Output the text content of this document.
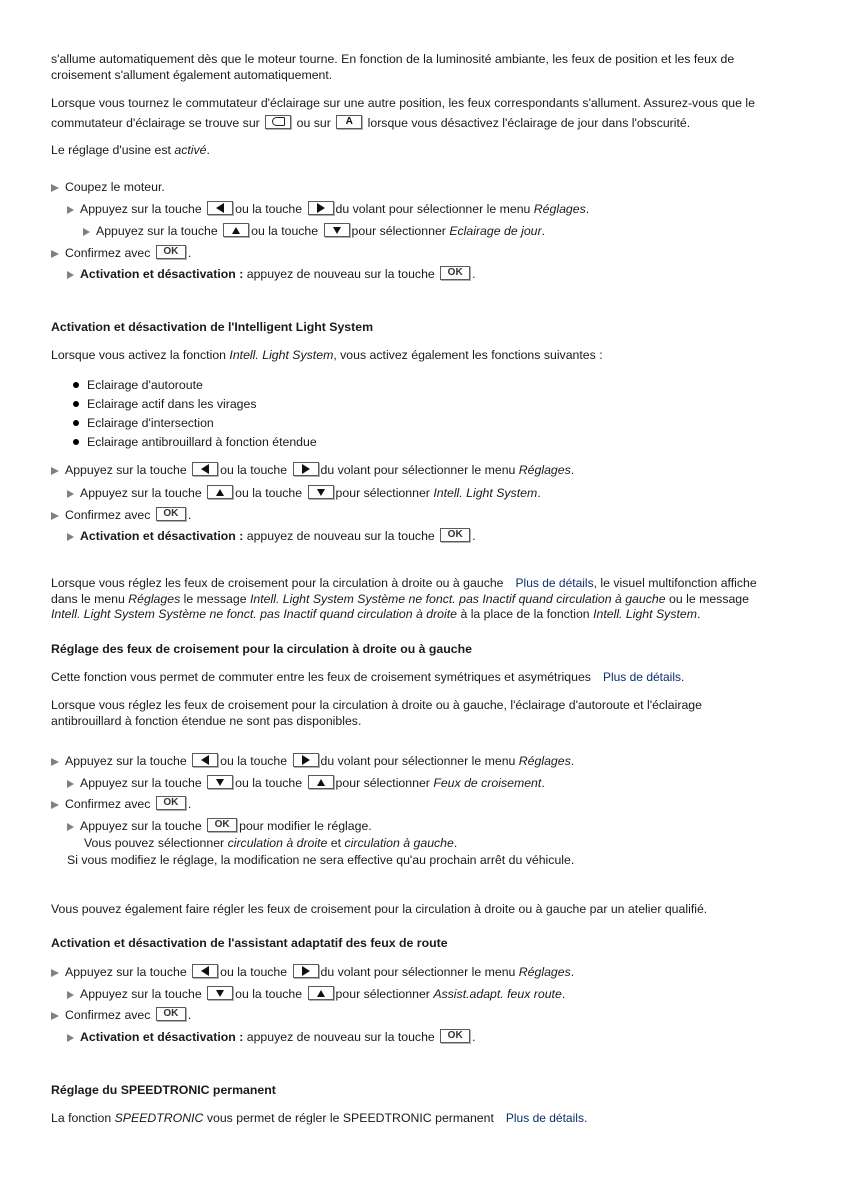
s'allume automatiquement dès que le moteur tourne. En fonction de la luminosité ambiante, les feux de position et les feux de
croisement s'allument également automatiquement.
Lorsque vous tournez le commutateur d'éclairage sur une autre position, les feux correspondants s'allument. Assurez-vous que le
commutateur d'éclairage se trouve sur	ou sur A lorsque vous désactivez l'éclairage de jour dans l'obscurité.
Le réglage d'usine est activé.
Coupez le moteur.
Appuyez sur la touche	ou la touche	du volant pour sélectionner le menu Réglages.
Appuyez sur la touche	ou la touche	pour sélectionner Eclairage de jour.
Confirmez avec OK .
Activation et désactivation : appuyez de nouveau sur la touche OK .
Activation et désactivation de l'Intelligent Light System
Lorsque vous activez la fonction Intell. Light System, vous activez également les fonctions suivantes :
Eclairage d'autoroute
Eclairage actif dans les virages
Eclairage d'intersection
Eclairage antibrouillard à fonction étendue
Appuyez sur la touche	ou la touche	du volant pour sélectionner le menu Réglages.
Appuyez sur la touche	ou la touche	pour sélectionner Intell. Light System.
Confirmez avec OK .
Activation et désactivation : appuyez de nouveau sur la touche OK .
Lorsque vous réglez les feux de croisement pour la circulation à droite ou à gauche Plus de détails, le visuel multifonction affiche
dans le menu Réglages le message Intell. Light System Système ne fonct. pas Inactif quand circulation à gauche ou le message
Intell. Light System Système ne fonct. pas Inactif quand circulation à droite à la place de la fonction Intell. Light System.
Réglage des feux de croisement pour la circulation à droite ou à gauche
Cette fonction vous permet de commuter entre les feux de croisement symétriques et asymétriques Plus de détails.
Lorsque vous réglez les feux de croisement pour la circulation à droite ou à gauche, l'éclairage d'autoroute et l'éclairage
antibrouillard à fonction étendue ne sont pas disponibles.
Appuyez sur la touche	ou la touche	du volant pour sélectionner le menu Réglages.
Appuyez sur la touche	ou la touche	pour sélectionner Feux de croisement.
Confirmez avec OK .
Appuyez sur la touche OK pour modifier le réglage.
Vous pouvez sélectionner circulation à droite et circulation à gauche.
Si vous modifiez le réglage, la modification ne sera effective qu'au prochain arrêt du véhicule.
Vous pouvez également faire régler les feux de croisement pour la circulation à droite ou à gauche par un atelier qualifié.
Activation et désactivation de l'assistant adaptatif des feux de route
Appuyez sur la touche	ou la touche	du volant pour sélectionner le menu Réglages.
Appuyez sur la touche	ou la touche	pour sélectionner Assist.adapt. feux route.
Confirmez avec OK .
Activation et désactivation : appuyez de nouveau sur la touche OK .
Réglage du SPEEDTRONIC permanent
La fonction SPEEDTRONIC vous permet de régler le SPEEDTRONIC permanent Plus de détails.
